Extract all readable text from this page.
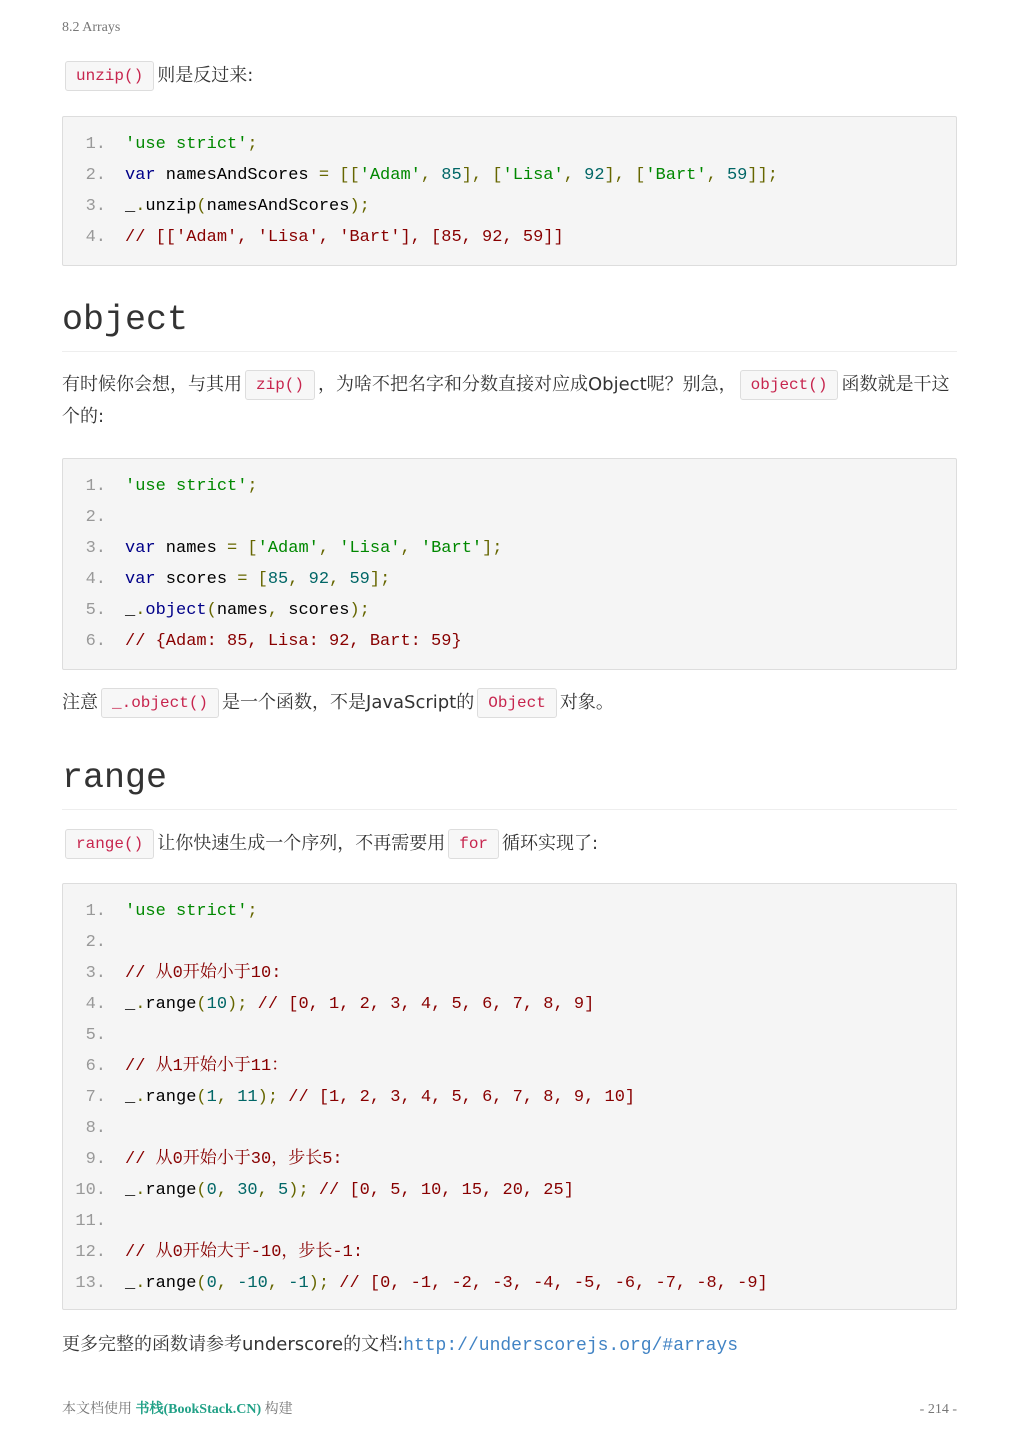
8.2 Arrays

unzip() 则是反过来:

1. 'use strict';
2. var namesAndScores = [['Adam', 85], ['Lisa', 92], ['Bart', 59]];
3. _.unzip(namesAndScores);
4. // [['Adam', 'Lisa', 'Bart'], [85, 92, 59]]
object

有时候你会想，与其用 zip() ，为啥不把名字和分数直接对应成Object呢？别急， object() 函数就是干这个的:

1. 'use strict';
2.
3. var names = ['Adam', 'Lisa', 'Bart'];
4. var scores = [85, 92, 59];
5. _.object(names, scores);
6. // {Adam: 85, Lisa: 92, Bart: 59}

注意 _.object() 是一个函数，不是JavaScript的 Object 对象。

range

range() 让你快速生成一个序列，不再需要用 for 循环实现了:

1. 'use strict';
2.
3. // 从0开始小于10:
4. _.range(10); // [0, 1, 2, 3, 4, 5, 6, 7, 8, 9]
5.
6. // 从1开始小于11：
7. _.range(1, 11); // [1, 2, 3, 4, 5, 6, 7, 8, 9, 10]
8.
9. // 从0开始小于30，步长5:
10. _.range(0, 30, 5); // [0, 5, 10, 15, 20, 25]
11.
12. // 从0开始大于-10，步长-1:
13. _.range(0, -10, -1); // [0, -1, -2, -3, -4, -5, -6, -7, -8, -9]

更多完整的函数请参考underscore的文档:http://underscorejs.org/#arrays

本文档使用 书栈(BookStack.CN) 构建	- 214 -
